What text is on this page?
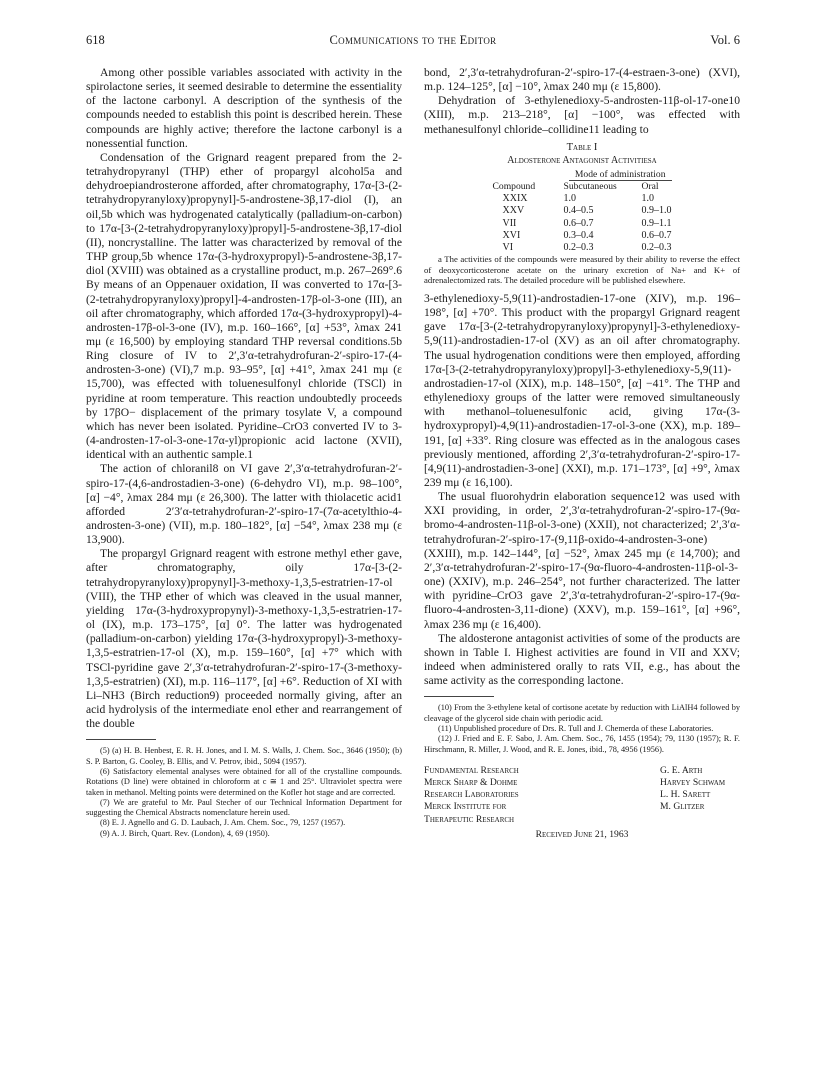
618	Communications to the Editor	Vol. 6

Among other possible variables associated with activity in the spirolactone series, it seemed desirable to determine the essentiality of the lactone carbonyl. A description of the synthesis of the compounds needed to establish this point is described herein. These compounds are highly active; therefore the lactone carbonyl is a nonessential function.

Condensation of the Grignard reagent prepared from the 2-tetrahydropyranyl (THP) ether of propargyl alcohol5a and dehydroepiandrosterone afforded, after chromatography, 17α-[3-(2-tetrahydropyranyloxy)propynyl]-5-androstene-3β,17-diol (I), an oil,5b which was hydrogenated catalytically (palladium-on-carbon) to 17α-[3-(2-tetrahydropyranyloxy)propyl]-5-androstene-3β,17-diol (II), noncrystalline. The latter was characterized by removal of the THP group,5b whence 17α-(3-hydroxypropyl)-5-androstene-3β,17-diol (XVIII) was obtained as a crystalline product, m.p. 267–269°.6 By means of an Oppenauer oxidation, II was converted to 17α-[3-(2-tetrahydropyranyloxy)propyl]-4-androsten-17β-ol-3-one (III), an oil after chromatography, which afforded 17α-(3-hydroxypropyl)-4-androsten-17β-ol-3-one (IV), m.p. 160–166°, [α] +53°, λmax 241 mμ (ε 16,500) by employing standard THP reversal conditions.5b Ring closure of IV to 2′,3′α-tetrahydrofuran-2′-spiro-17-(4-androsten-3-one) (VI),7 m.p. 93–95°, [α] +41°, λmax 241 mμ (ε 15,700), was effected with toluenesulfonyl chloride (TSCl) in pyridine at room temperature. This reaction undoubtedly proceeds by 17βO− displacement of the primary tosylate V, a compound which has never been isolated. Pyridine–CrO3 converted IV to 3-(4-androsten-17-ol-3-one-17α-yl)propionic acid lactone (XVII), identical with an authentic sample.1

The action of chloranil8 on VI gave 2′,3′α-tetrahydrofuran-2′-spiro-17-(4,6-androstadien-3-one) (6-dehydro VI), m.p. 98–100°, [α] −4°, λmax 284 mμ (ε 26,300). The latter with thiolacetic acid1 afforded 2′3′α-tetrahydrofuran-2′-spiro-17-(7α-acetylthio-4-androsten-3-one) (VII), m.p. 180–182°, [α] −54°, λmax 238 mμ (ε 13,900).

The propargyl Grignard reagent with estrone methyl ether gave, after chromatography, oily 17α-[3-(2-tetrahydropyranyloxy)propynyl]-3-methoxy-1,3,5-estratrien-17-ol (VIII), the THP ether of which was cleaved in the usual manner, yielding 17α-(3-hydroxypropynyl)-3-methoxy-1,3,5-estratrien-17-ol (IX), m.p. 173–175°, [α] 0°. The latter was hydrogenated (palladium-on-carbon) yielding 17α-(3-hydroxypropyl)-3-methoxy-1,3,5-estratrien-17-ol (X), m.p. 159–160°, [α] +7° which with TSCl-pyridine gave 2′,3′α-tetrahydrofuran-2′-spiro-17-(3-methoxy-1,3,5-estratrien) (XI), m.p. 116–117°, [α] +6°. Reduction of XI with Li–NH3 (Birch reduction9) proceeded normally giving, after an acid hydrolysis of the intermediate enol ether and rearrangement of the double

(5) (a) H. B. Henbest, E. R. H. Jones, and I. M. S. Walls, J. Chem. Soc., 3646 (1950); (b) S. P. Barton, G. Cooley, B. Ellis, and V. Petrov, ibid., 5094 (1957).

(6) Satisfactory elemental analyses were obtained for all of the crystalline compounds. Rotations (D line) were obtained in chloroform at c ≅ 1 and 25°. Ultraviolet spectra were taken in methanol. Melting points were determined on the Kofler hot stage and are corrected.

(7) We are grateful to Mr. Paul Stecher of our Technical Information Department for suggesting the Chemical Abstracts nomenclature herein used.

(8) E. J. Agnello and G. D. Laubach, J. Am. Chem. Soc., 79, 1257 (1957).

(9) A. J. Birch, Quart. Rev. (London), 4, 69 (1950).

bond, 2′,3′α-tetrahydrofuran-2′-spiro-17-(4-estraen-3-one) (XVI), m.p. 124–125°, [α] −10°, λmax 240 mμ (ε 15,800).

Dehydration of 3-ethylenedioxy-5-androsten-11β-ol-17-one10 (XIII), m.p. 213–218°, [α] −100°, was effected with methanesulfonyl chloride–collidine11 leading to

Table I
Aldosterone Antagonist Activitiesa
	Mode of administration	
Compound	Subcutaneous	Oral
XXIX	1.0	1.0
XXV	0.4–0.5	0.9–1.0
VII	0.6–0.7	0.9–1.1
XVI	0.3–0.4	0.6–0.7
VI	0.2–0.3	0.2–0.3

a The activities of the compounds were measured by their ability to reverse the effect of deoxycorticosterone acetate on the urinary excretion of Na+ and K+ of adrenalectomized rats. The detailed procedure will be published elsewhere.

3-ethylenedioxy-5,9(11)-androstadien-17-one (XIV), m.p. 196–198°, [α] +70°. This product with the propargyl Grignard reagent gave 17α-[3-(2-tetrahydropyranyloxy)propynyl]-3-ethylenedioxy-5,9(11)-androstadien-17-ol (XV) as an oil after chromatography. The usual hydrogenation conditions were then employed, affording 17α-[3-(2-tetrahydropyranyloxy)propyl]-3-ethylenedioxy-5,9(11)-androstadien-17-ol (XIX), m.p. 148–150°, [α] −41°. The THP and ethylenedioxy groups of the latter were removed simultaneously with methanol–toluenesulfonic acid, giving 17α-(3-hydroxypropyl)-4,9(11)-androstadien-17-ol-3-one (XX), m.p. 189–191, [α] +33°. Ring closure was effected as in the analogous cases previously mentioned, affording 2′,3′α-tetrahydrofuran-2′-spiro-17-[4,9(11)-androstadien-3-one] (XXI), m.p. 171–173°, [α] +9°, λmax 239 mμ (ε 16,100).

The usual fluorohydrin elaboration sequence12 was used with XXI providing, in order, 2′,3′α-tetrahydrofuran-2′-spiro-17-(9α-bromo-4-androsten-11β-ol-3-one) (XXII), not characterized; 2′,3′α-tetrahydrofuran-2′-spiro-17-(9,11β-oxido-4-androsten-3-one) (XXIII), m.p. 142–144°, [α] −52°, λmax 245 mμ (ε 14,700); and 2′,3′α-tetrahydrofuran-2′-spiro-17-(9α-fluoro-4-androsten-11β-ol-3-one) (XXIV), m.p. 246–254°, not further characterized. The latter with pyridine–CrO3 gave 2′,3′α-tetrahydrofuran-2′-spiro-17-(9α-fluoro-4-androsten-3,11-dione) (XXV), m.p. 159–161°, [α] +96°, λmax 236 mμ (ε 16,400).

The aldosterone antagonist activities of some of the products are shown in Table I. Highest activities are found in VII and XXV; indeed when administered orally to rats VII, e.g., has about the same activity as the corresponding lactone.

(10) From the 3-ethylene ketal of cortisone acetate by reduction with LiAlH4 followed by cleavage of the glycerol side chain with periodic acid.

(11) Unpublished procedure of Drs. R. Tull and J. Chemerda of these Laboratories.

(12) J. Fried and E. F. Sabo, J. Am. Chem. Soc., 76, 1455 (1954); 79, 1130 (1957); R. F. Hirschmann, R. Miller, J. Wood, and R. E. Jones, ibid., 78, 4956 (1956).

Fundamental Research
Merck Sharp & Dohme
Research Laboratories
Merck Institute for
Therapeutic Research
G. E. Arth
Harvey Schwam
L. H. Sarett
M. Glitzer
Received June 21, 1963
